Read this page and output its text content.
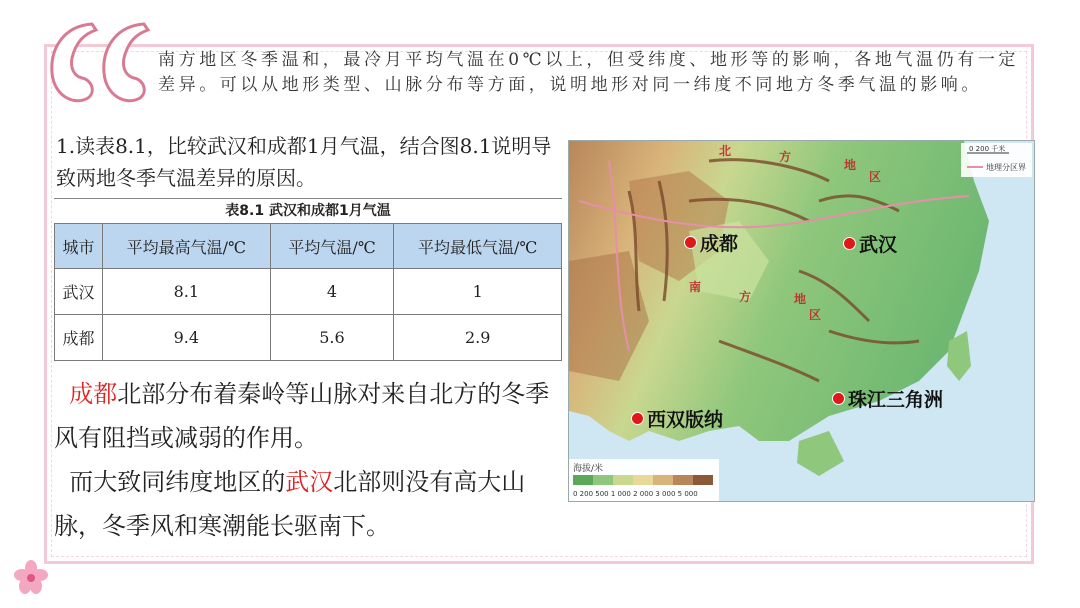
南方地区冬季温和，最冷月平均气温在0℃以上，但受纬度、地形等的影响，各地气温仍有一定差异。可以从地形类型、山脉分布等方面，说明地形对同一纬度不同地方冬季气温的影响。
1.读表8.1，比较武汉和成都1月气温，结合图8.1说明导致两地冬季气温差异的原因。
表8.1 武汉和成都1月气温
城市	平均最高气温/℃	平均气温/℃	平均最低气温/℃
武汉	8.1	4	1
成都	9.4	5.6	2.9

成都北部分布着秦岭等山脉对来自北方的冬季风有阻挡或减弱的作用。

而大致同纬度地区的武汉北部则没有高大山脉，冬季风和寒潮能长驱南下。

北	方
地
区
南
方	地
区
0 200 千米
地理分区界
海拔/米
0 200 500 1 000 2 000 3 000 5 000
成都	武汉
珠江三角洲
西双版纳
